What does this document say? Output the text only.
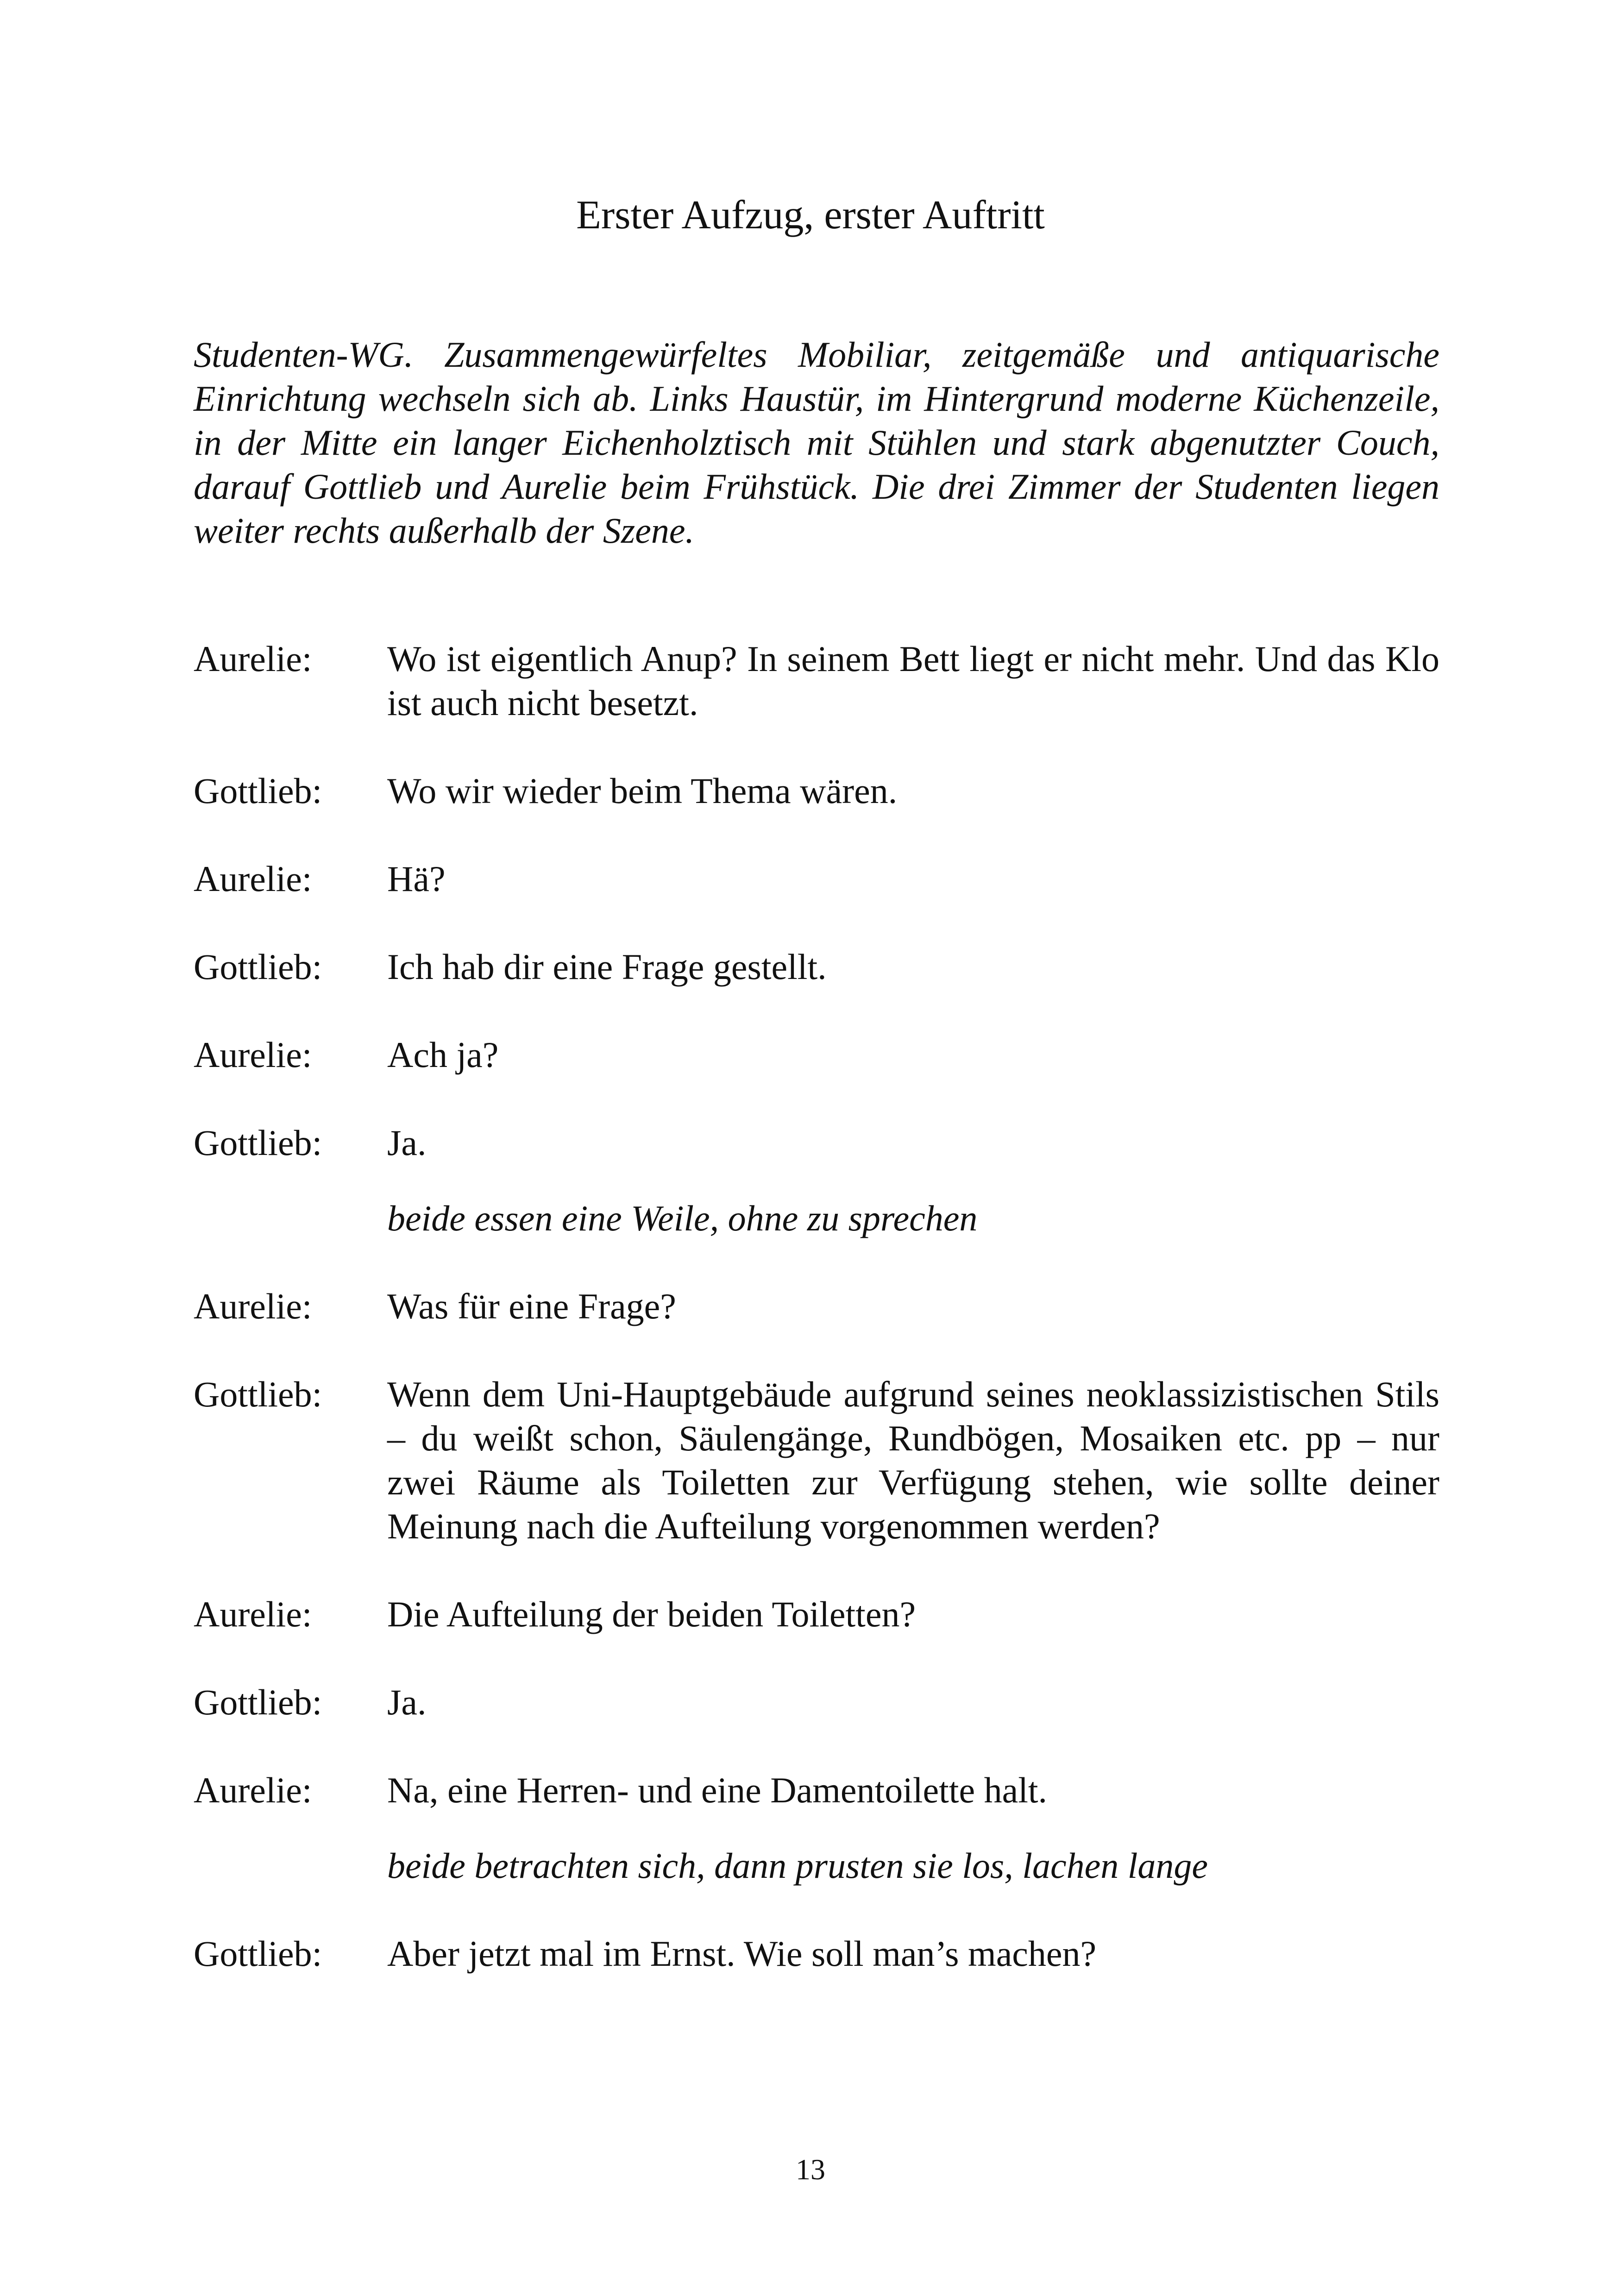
Erster Aufzug, erster Auftritt

Studenten-WG. Zusammengewürfeltes Mobiliar, zeitgemäße und antiquarische Einrichtung wechseln sich ab. Links Haustür, im Hintergrund moderne Küchenzeile, in der Mitte ein langer Eichenholztisch mit Stühlen und stark abgenutzter Couch, darauf Gottlieb und Aurelie beim Frühstück. Die drei Zimmer der Studenten liegen weiter rechts außerhalb der Szene.

Aurelie:	Wo ist eigentlich Anup? In seinem Bett liegt er nicht mehr. Und das Klo ist auch nicht besetzt.
Gottlieb:	Wo wir wieder beim Thema wären.
Aurelie:	Hä?
Gottlieb:	Ich hab dir eine Frage gestellt.
Aurelie:	Ach ja?
Gottlieb:	Ja.
beide essen eine Weile, ohne zu sprechen
Aurelie:	Was für eine Frage?
Gottlieb:	Wenn dem Uni-Hauptgebäude aufgrund seines neoklassizistischen Stils – du weißt schon, Säulengänge, Rundbögen, Mosaiken etc. pp – nur zwei Räume als Toiletten zur Verfügung stehen, wie sollte deiner Meinung nach die Aufteilung vorgenommen werden?
Aurelie:	Die Aufteilung der beiden Toiletten?
Gottlieb:	Ja.
Aurelie:	Na, eine Herren- und eine Damentoilette halt.
beide betrachten sich, dann prusten sie los, lachen lange
Gottlieb:	Aber jetzt mal im Ernst. Wie soll man’s machen?
13
